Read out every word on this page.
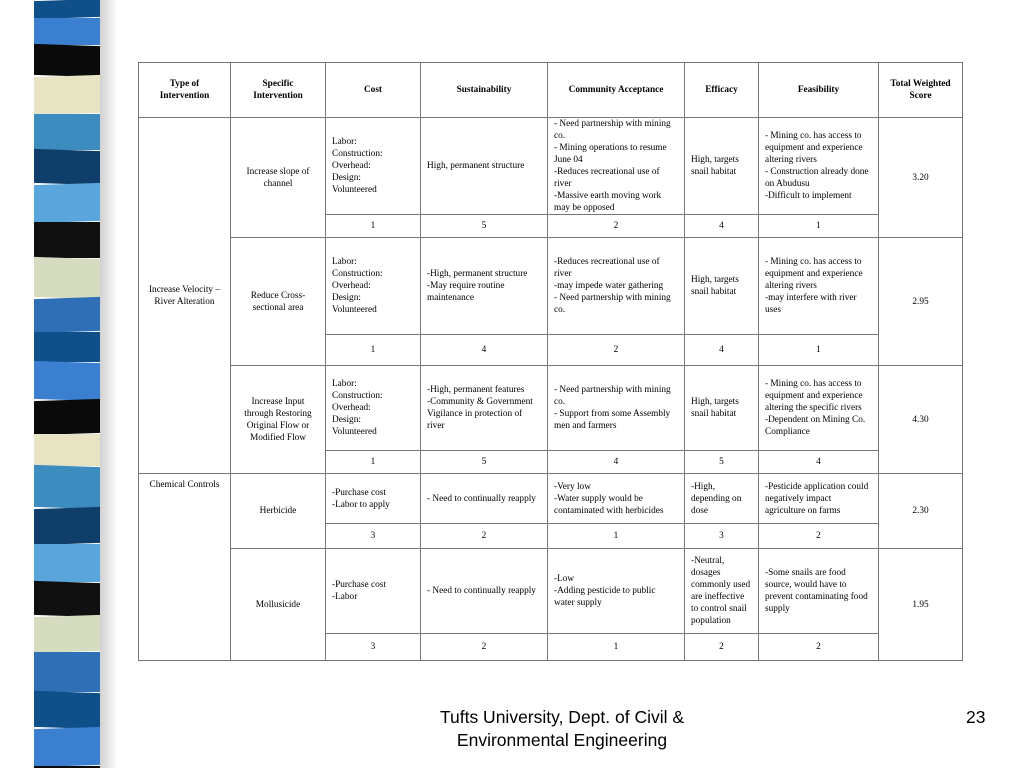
Type of Intervention	Specific Intervention	Cost	Sustainability	Community Acceptance	Efficacy	Feasibility	Total Weighted Score
Increase Velocity – River Alteration	Increase slope of channel	Labor:
Construction:
Overhead:
Design:
Volunteered	High, permanent structure	- Need partnership with mining co.
- Mining operations to resume June 04
-Reduces recreational use of river
-Massive earth moving work may be opposed	High, targets snail habitat	- Mining co. has access to equipment and experience altering rivers
- Construction already done on Abudusu
-Difficult to implement	3.20
		1	5	2	4	1	
	Reduce Cross-sectional area	Labor:
Construction:
Overhead:
Design:
Volunteered	-High, permanent structure
-May require routine maintenance	-Reduces recreational use of river
-may impede water gathering
- Need partnership with mining co.	High, targets snail habitat	- Mining co. has access to equipment and experience altering rivers
-may interfere with river uses	2.95
		1	4	2	4	1	
	Increase Input through Restoring Original Flow or Modified Flow	Labor:
Construction:
Overhead:
Design:
Volunteered	-High, permanent features
-Community & Government Vigilance in protection of river	- Need partnership with mining co.
- Support from some Assembly men and farmers	High, targets snail habitat	- Mining co. has access to equipment and experience altering the specific rivers
-Dependent on Mining Co. Compliance	4.30
		1	5	4	5	4	
Chemical Controls	Herbicide	-Purchase cost
-Labor to apply	- Need to continually reapply	-Very low
-Water supply would be contaminated with herbicides	-High, depending on dose	-Pesticide application could negatively impact agriculture on farms	2.30
		3	2	1	3	2	
	Mollusicide	-Purchase cost
-Labor	- Need to continually reapply	-Low
-Adding pesticide to public water supply	-Neutral, dosages commonly used are ineffective to control snail population	-Some snails are food source, would have to prevent contaminating food supply	1.95
		3	2	1	2	2	
Tufts University, Dept. of Civil &
Environmental Engineering
23
